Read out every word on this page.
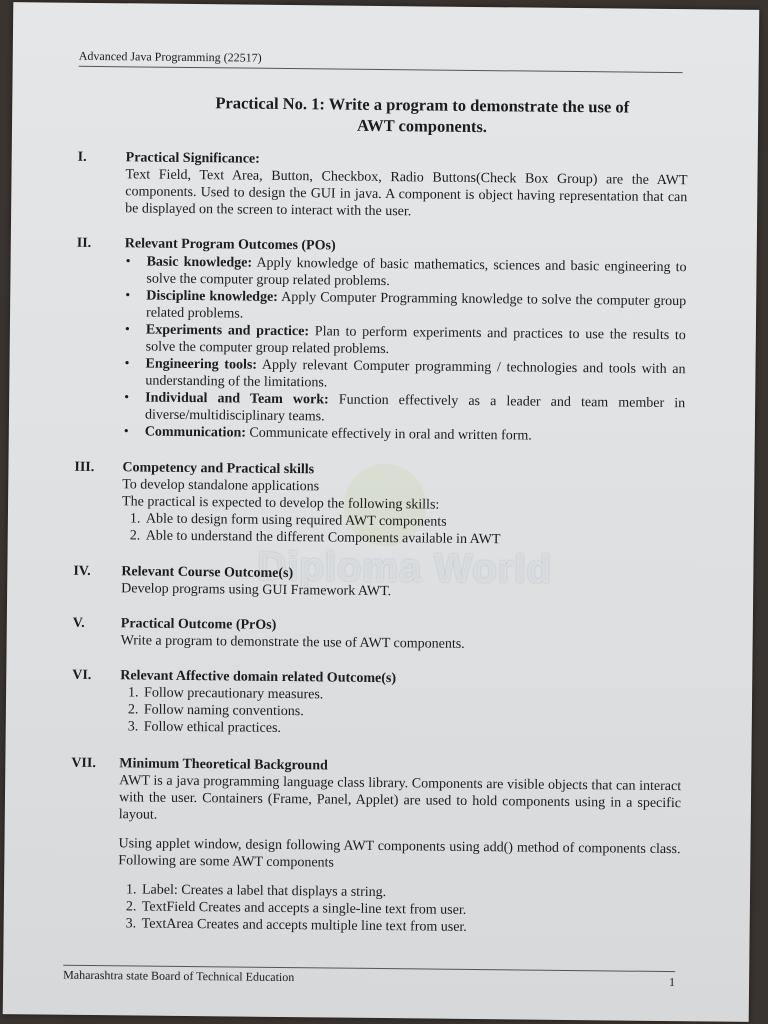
Advanced Java Programming (22517)
Practical No. 1: Write a program to demonstrate the use of
AWT components.
Diploma World
I.	Practical Significance:
Text Field, Text Area, Button, Checkbox, Radio Buttons(Check Box Group) are the AWT components. Used to design the GUI in java. A component is object having representation that can be displayed on the screen to interact with the user.
II.	Relevant Program Outcomes (POs)
• Basic knowledge: Apply knowledge of basic mathematics, sciences and basic engineering to solve the computer group related problems.
• Discipline knowledge: Apply Computer Programming knowledge to solve the computer group related problems.
• Experiments and practice: Plan to perform experiments and practices to use the results to solve the computer group related problems.
• Engineering tools: Apply relevant Computer programming / technologies and tools with an understanding of the limitations.
• Individual and Team work: Function effectively as a leader and team member in diverse/multidisciplinary teams.
• Communication: Communicate effectively in oral and written form.
III.	Competency and Practical skills
To develop standalone applications
The practical is expected to develop the following skills:
1. Able to design form using required AWT components
2. Able to understand the different Components available in AWT
IV.	Relevant Course Outcome(s)
Develop programs using GUI Framework AWT.
V.	Practical Outcome (PrOs)
Write a program to demonstrate the use of AWT components.
VI.	Relevant Affective domain related Outcome(s)
1. Follow precautionary measures.
2. Follow naming conventions.
3. Follow ethical practices.
VII.	Minimum Theoretical Background
AWT is a java programming language class library. Components are visible objects that can interact with the user. Containers (Frame, Panel, Applet) are used to hold components using in a specific layout.
Using applet window, design following AWT components using add() method of components class. Following are some AWT components
1. Label: Creates a label that displays a string.
2. TextField Creates and accepts a single-line text from user.
3. TextArea Creates and accepts multiple line text from user.
Maharashtra state Board of Technical Education	1
